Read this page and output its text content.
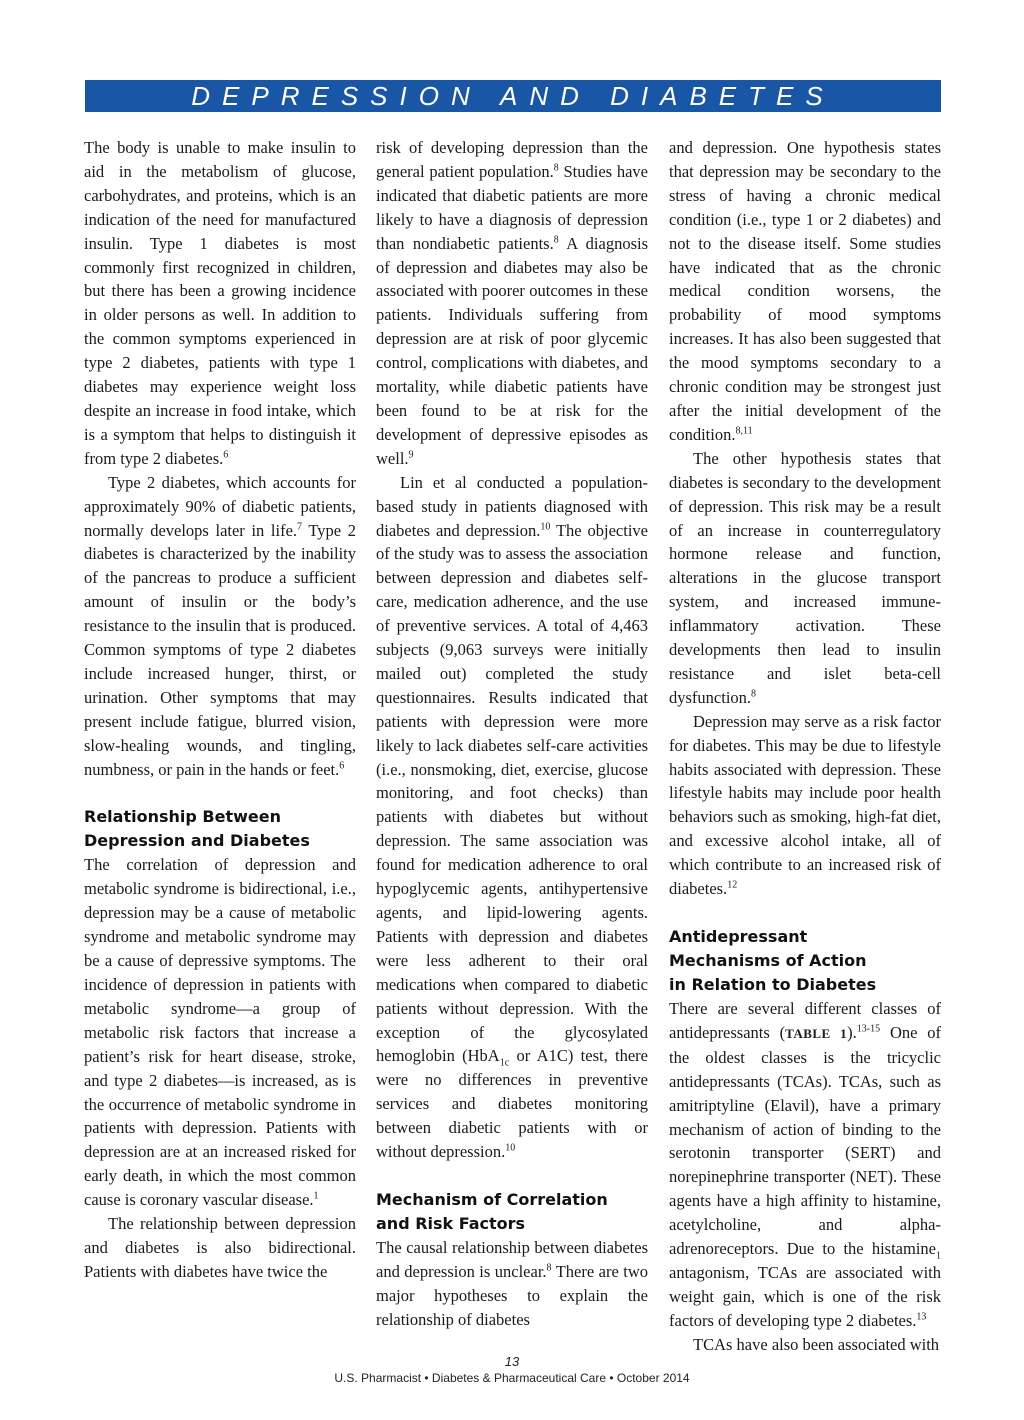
DEPRESSION AND DIABETES

The body is unable to make insulin to aid in the metabolism of glucose, carbohydrates, and proteins, which is an indication of the need for manufactured insulin. Type 1 diabetes is most commonly first recognized in children, but there has been a growing incidence in older persons as well. In addition to the common symptoms experienced in type 2 diabetes, patients with type 1 diabetes may experience weight loss despite an increase in food intake, which is a symptom that helps to distinguish it from type 2 diabetes.$^6$

Type 2 diabetes, which accounts for approximately 90% of diabetic patients, normally develops later in life.$^7$ Type 2 diabetes is characterized by the inability of the pancreas to produce a sufficient amount of insulin or the body’s resistance to the insulin that is produced. Common symptoms of type 2 diabetes include increased hunger, thirst, or urination. Other symptoms that may present include fatigue, blurred vision, slow-healing wounds, and tingling, numbness, or pain in the hands or feet.$^6$

Relationship Between
Depression and Diabetes

The correlation of depression and metabolic syndrome is bidirectional, i.e., depression may be a cause of metabolic syndrome and metabolic syndrome may be a cause of depressive symptoms. The incidence of depression in patients with metabolic syndrome—a group of metabolic risk factors that increase a patient’s risk for heart disease, stroke, and type 2 diabetes—is increased, as is the occurrence of metabolic syndrome in patients with depression. Patients with depression are at an increased risked for early death, in which the most common cause is coronary vascular disease.$^1$

The relationship between depression and diabetes is also bidirectional. Patients with diabetes have twice the

risk of developing depression than the general patient population.$^8$ Studies have indicated that diabetic patients are more likely to have a diagnosis of depression than nondiabetic patients.$^8$ A diagnosis of depression and diabetes may also be associated with poorer outcomes in these patients. Individuals suffering from depression are at risk of poor glycemic control, complications with diabetes, and mortality, while diabetic patients have been found to be at risk for the development of depressive episodes as well.$^9$

Lin et al conducted a population-based study in patients diagnosed with diabetes and depression.$^{10}$ The objective of the study was to assess the association between depression and diabetes self-care, medication adherence, and the use of preventive services. A total of 4,463 subjects (9,063 surveys were initially mailed out) completed the study questionnaires. Results indicated that patients with depression were more likely to lack diabetes self-care activities (i.e., nonsmoking, diet, exercise, glucose monitoring, and foot checks) than patients with diabetes but without depression. The same association was found for medication adherence to oral hypoglycemic agents, antihypertensive agents, and lipid-lowering agents. Patients with depression and diabetes were less adherent to their oral medications when compared to diabetic patients without depression. With the exception of the glycosylated hemoglobin (HbA$_{1c}$ or A1C) test, there were no differences in preventive services and diabetes monitoring between diabetic patients with or without depression.$^{10}$

Mechanism of Correlation
and Risk Factors

The causal relationship between diabetes and depression is unclear.$^8$ There are two major hypotheses to explain the relationship of diabetes

and depression. One hypothesis states that depression may be secondary to the stress of having a chronic medical condition (i.e., type 1 or 2 diabetes) and not to the disease itself. Some studies have indicated that as the chronic medical condition worsens, the probability of mood symptoms increases. It has also been suggested that the mood symptoms secondary to a chronic condition may be strongest just after the initial development of the condition.$^{8,11}$

The other hypothesis states that diabetes is secondary to the development of depression. This risk may be a result of an increase in counterregulatory hormone release and function, alterations in the glucose transport system, and increased immune-inflammatory activation. These developments then lead to insulin resistance and islet beta-cell dysfunction.$^8$

Depression may serve as a risk factor for diabetes. This may be due to lifestyle habits associated with depression. These lifestyle habits may include poor health behaviors such as smoking, high-fat diet, and excessive alcohol intake, all of which contribute to an increased risk of diabetes.$^{12}$

Antidepressant
Mechanisms of Action
in Relation to Diabetes

There are several different classes of antidepressants (TABLE 1).$^{13-15}$ One of the oldest classes is the tricyclic antidepressants (TCAs). TCAs, such as amitriptyline (Elavil), have a primary mechanism of action of binding to the serotonin transporter (SERT) and norepinephrine transporter (NET). These agents have a high affinity to histamine, acetylcholine, and alpha-adrenoreceptors. Due to the histamine$_1$ antagonism, TCAs are associated with weight gain, which is one of the risk factors of developing type 2 diabetes.$^{13}$

TCAs have also been associated with

13
U.S. Pharmacist • Diabetes & Pharmaceutical Care • October 2014
